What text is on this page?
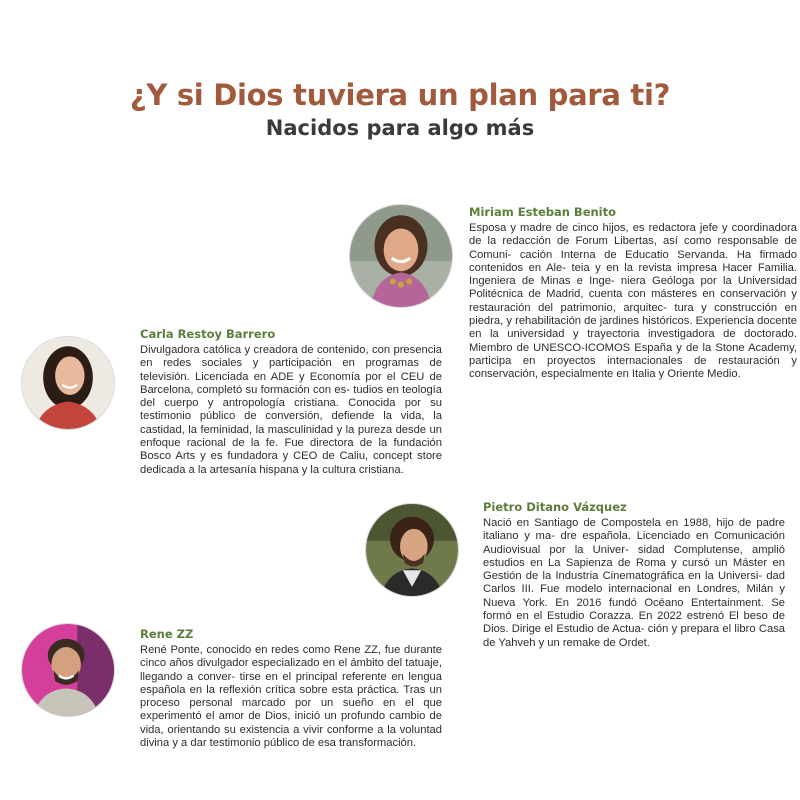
¿Y si Dios tuviera un plan para ti?
Nacidos para algo más

Miriam Esteban Benito

Esposa y madre de cinco hijos, es redactora jefe y coordinadora de la redacción de Forum Libertas, así como responsable de Comuni- cación Interna de Educatio Servanda. Ha firmado contenidos en Ale- teia y en la revista impresa Hacer Familia. Ingeniera de Minas e Inge- niera Geóloga por la Universidad Politécnica de Madrid, cuenta con másteres en conservación y restauración del patrimonio, arquitec- tura y construcción en piedra, y rehabilitación de jardines históricos. Experiencia docente en la universidad y trayectoria investigadora de doctorado. Miembro de UNESCO-ICOMOS España y de la Stone Academy, participa en proyectos internacionales de restauración y conservación, especialmente en Italia y Oriente Medio.

Carla Restoy Barrero

Divulgadora católica y creadora de contenido, con presencia en redes sociales y participación en programas de televisión. Licenciada en ADE y Economía por el CEU de Barcelona, completó su formación con es- tudios en teología del cuerpo y antropología cristiana. Conocida por su testimonio público de conversión, defiende la vida, la castidad, la feminidad, la masculinidad y la pureza desde un enfoque racional de la fe. Fue directora de la fundación Bosco Arts y es fundadora y CEO de Caliu, concept store dedicada a la artesanía hispana y la cultura cristiana.

Pietro Ditano Vázquez

Nació en Santiago de Compostela en 1988, hijo de padre italiano y ma- dre española. Licenciado en Comunicación Audiovisual por la Univer- sidad Complutense, amplió estudios en La Sapienza de Roma y cursó un Máster en Gestión de la Industria Cinematográfica en la Universi- dad Carlos III. Fue modelo internacional en Londres, Milán y Nueva York. En 2016 fundó Océano Entertainment. Se formó en el Estudio Corazza. En 2022 estrenó El beso de Dios. Dirige el Estudio de Actua- ción y prepara el libro Casa de Yahveh y un remake de Ordet.

Rene ZZ

René Ponte, conocido en redes como Rene ZZ, fue durante cinco años divulgador especializado en el ámbito del tatuaje, llegando a conver- tirse en el principal referente en lengua española en la reflexión crítica sobre esta práctica. Tras un proceso personal marcado por un sueño en el que experimentó el amor de Dios, inició un profundo cambio de vida, orientando su existencia a vivir conforme a la voluntad divina y a dar testimonio público de esa transformación.
